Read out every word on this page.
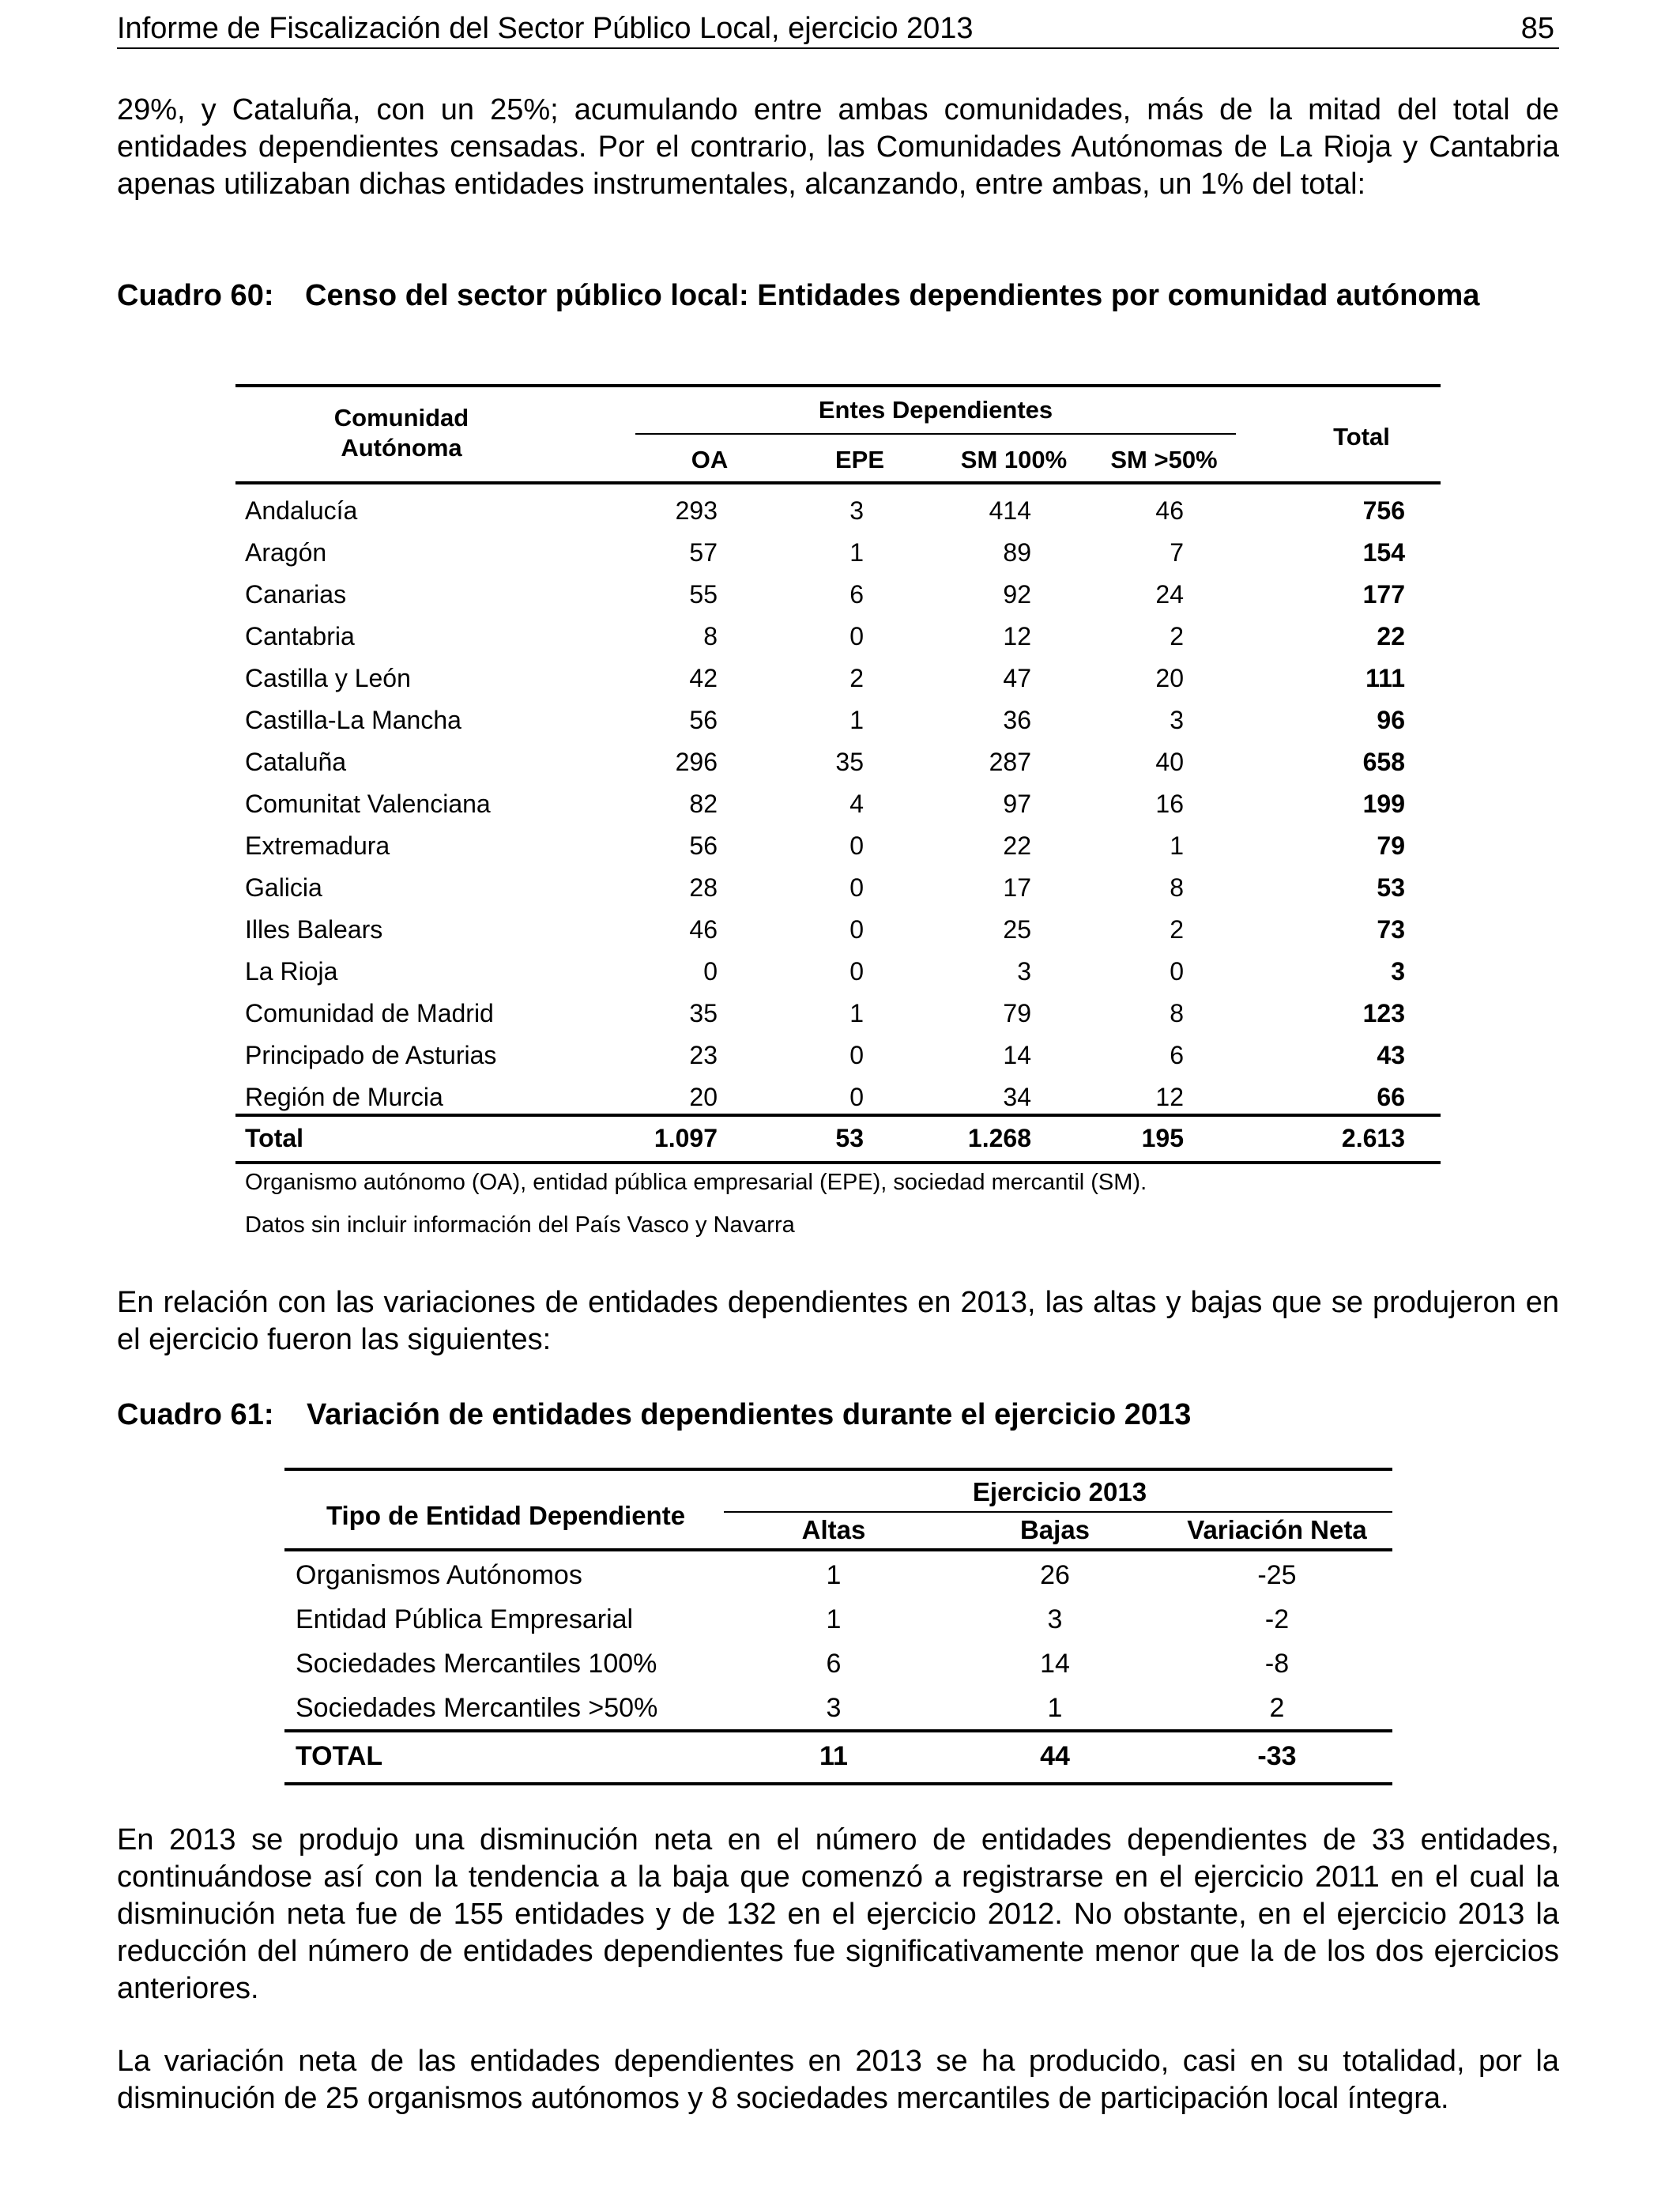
Informe de Fiscalización del Sector Público Local, ejercicio 2013	85

29%, y Cataluña, con un 25%; acumulando entre ambas comunidades, más de la mitad del total de entidades dependientes censadas. Por el contrario, las Comunidades Autónomas de La Rioja y Cantabria apenas utilizaban dichas entidades instrumentales, alcanzando, entre ambas, un 1% del total:

Cuadro 60: Censo del sector público local: Entidades dependientes por comunidad autónoma
Comunidad
Autónoma
Entes Dependientes
Total
OA	EPE	SM 100%	SM >50%
Andalucía	293	3	414	46	756
Aragón	57	1	89	7	154
Canarias	55	6	92	24	177
Cantabria	8	0	12	2	22
Castilla y León	42	2	47	20	111
Castilla-La Mancha	56	1	36	3	96
Cataluña	296	35	287	40	658
Comunitat Valenciana	82	4	97	16	199
Extremadura	56	0	22	1	79
Galicia	28	0	17	8	53
Illes Balears	46	0	25	2	73
La Rioja	0	0	3	0	3
Comunidad de Madrid	35	1	79	8	123
Principado de Asturias	23	0	14	6	43
Región de Murcia	20	0	34	12	66
Total	1.097	53	1.268	195	2.613
Organismo autónomo (OA), entidad pública empresarial (EPE), sociedad mercantil (SM).
Datos sin incluir información del País Vasco y Navarra

En relación con las variaciones de entidades dependientes en 2013, las altas y bajas que se produjeron en el ejercicio fueron las siguientes:

Cuadro 61: Variación de entidades dependientes durante el ejercicio 2013
Tipo de Entidad Dependiente
Ejercicio 2013
Altas	Bajas	Variación Neta
Organismos Autónomos	1	26	-25
Entidad Pública Empresarial	1	3	-2
Sociedades Mercantiles 100%	6	14	-8
Sociedades Mercantiles >50%	3	1	2
TOTAL	11	44	-33

En 2013 se produjo una disminución neta en el número de entidades dependientes de 33 entidades, continuándose así con la tendencia a la baja que comenzó a registrarse en el ejercicio 2011 en el cual la disminución neta fue de 155 entidades y de 132 en el ejercicio 2012. No obstante, en el ejercicio 2013 la reducción del número de entidades dependientes fue significativamente menor que la de los dos ejercicios anteriores.

La variación neta de las entidades dependientes en 2013 se ha producido, casi en su totalidad, por la disminución de 25 organismos autónomos y 8 sociedades mercantiles de participación local íntegra.
